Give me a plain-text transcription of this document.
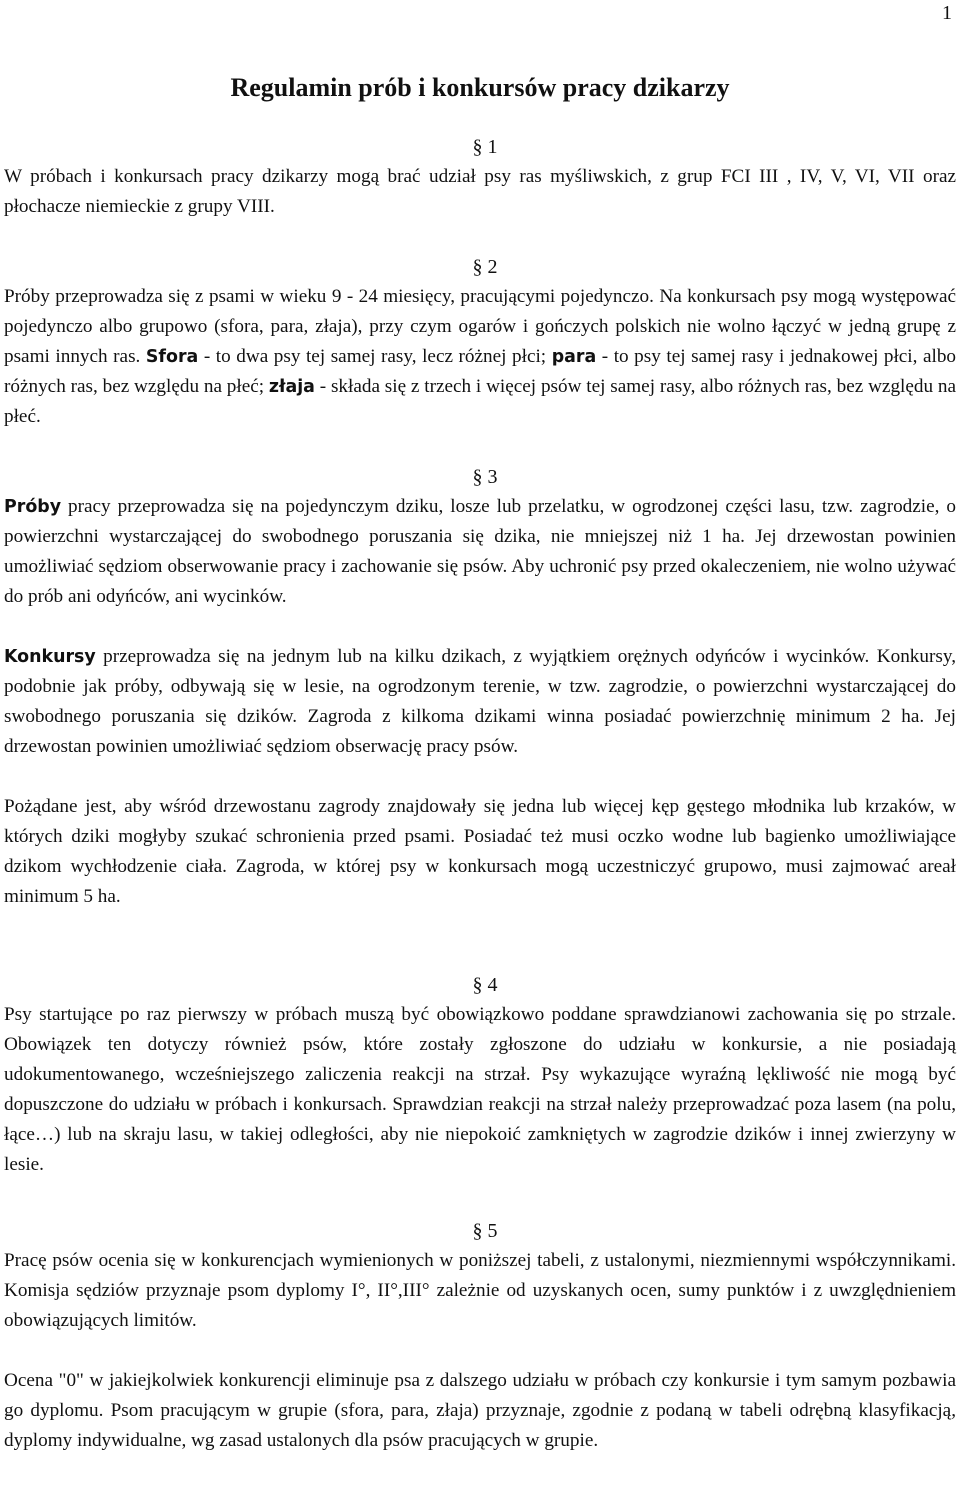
1
Regulamin prób i konkursów pracy dzikarzy
§ 1

W próbach i konkursach pracy dzikarzy mogą brać udział psy ras myśliwskich, z grup FCI III , IV, V, VI, VII oraz płochacze niemieckie z grupy VIII.

§ 2

Próby przeprowadza się z psami w wieku 9 - 24 miesięcy, pracującymi pojedynczo. Na konkursach psy mogą występować pojedynczo albo grupowo (sfora, para, złaja), przy czym ogarów i gończych polskich nie wolno łączyć w jedną grupę z psami innych ras. Sfora - to dwa psy tej samej rasy, lecz różnej płci; para - to psy tej samej rasy i jednakowej płci, albo różnych ras, bez względu na płeć; złaja - składa się z trzech i więcej psów tej samej rasy, albo różnych ras, bez względu na płeć.

§ 3

Próby pracy przeprowadza się na pojedynczym dziku, losze lub przelatku, w ogrodzonej części lasu, tzw. zagrodzie, o powierzchni wystarczającej do swobodnego poruszania się dzika, nie mniejszej niż 1 ha. Jej drzewostan powinien umożliwiać sędziom obserwowanie pracy i zachowanie się psów. Aby uchronić psy przed okaleczeniem, nie wolno używać do prób ani odyńców, ani wycinków.

Konkursy przeprowadza się na jednym lub na kilku dzikach, z wyjątkiem orężnych odyńców i wycinków. Konkursy, podobnie jak próby, odbywają się w lesie, na ogrodzonym terenie, w tzw. zagrodzie, o powierzchni wystarczającej do swobodnego poruszania się dzików. Zagroda z kilkoma dzikami winna posiadać powierzchnię minimum 2 ha. Jej drzewostan powinien umożliwiać sędziom obserwację pracy psów.

Pożądane jest, aby wśród drzewostanu zagrody znajdowały się jedna lub więcej kęp gęstego młodnika lub krzaków, w których dziki mogłyby szukać schronienia przed psami. Posiadać też musi oczko wodne lub bagienko umożliwiające dzikom wychłodzenie ciała. Zagroda, w której psy w konkursach mogą uczestniczyć grupowo, musi zajmować areał minimum 5 ha.

§ 4

Psy startujące po raz pierwszy w próbach muszą być obowiązkowo poddane sprawdzianowi zachowania się po strzale. Obowiązek ten dotyczy również psów, które zostały zgłoszone do udziału w konkursie, a nie posiadają udokumentowanego, wcześniejszego zaliczenia reakcji na strzał. Psy wykazujące wyraźną lękliwość nie mogą być dopuszczone do udziału w próbach i konkursach. Sprawdzian reakcji na strzał należy przeprowadzać poza lasem (na polu, łące…) lub na skraju lasu, w takiej odległości, aby nie niepokoić zamkniętych w zagrodzie dzików i innej zwierzyny w lesie.

§ 5

Pracę psów ocenia się w konkurencjach wymienionych w poniższej tabeli, z ustalonymi, niezmiennymi współczynnikami. Komisja sędziów przyznaje psom dyplomy I°, II°,III° zależnie od uzyskanych ocen, sumy punktów i z uwzględnieniem obowiązujących limitów.

Ocena "0" w jakiejkolwiek konkurencji eliminuje psa z dalszego udziału w próbach czy konkursie i tym samym pozbawia go dyplomu. Psom pracującym w grupie (sfora, para, złaja) przyznaje, zgodnie z podaną w tabeli odrębną klasyfikacją, dyplomy indywidualne, wg zasad ustalonych dla psów pracujących w grupie.
